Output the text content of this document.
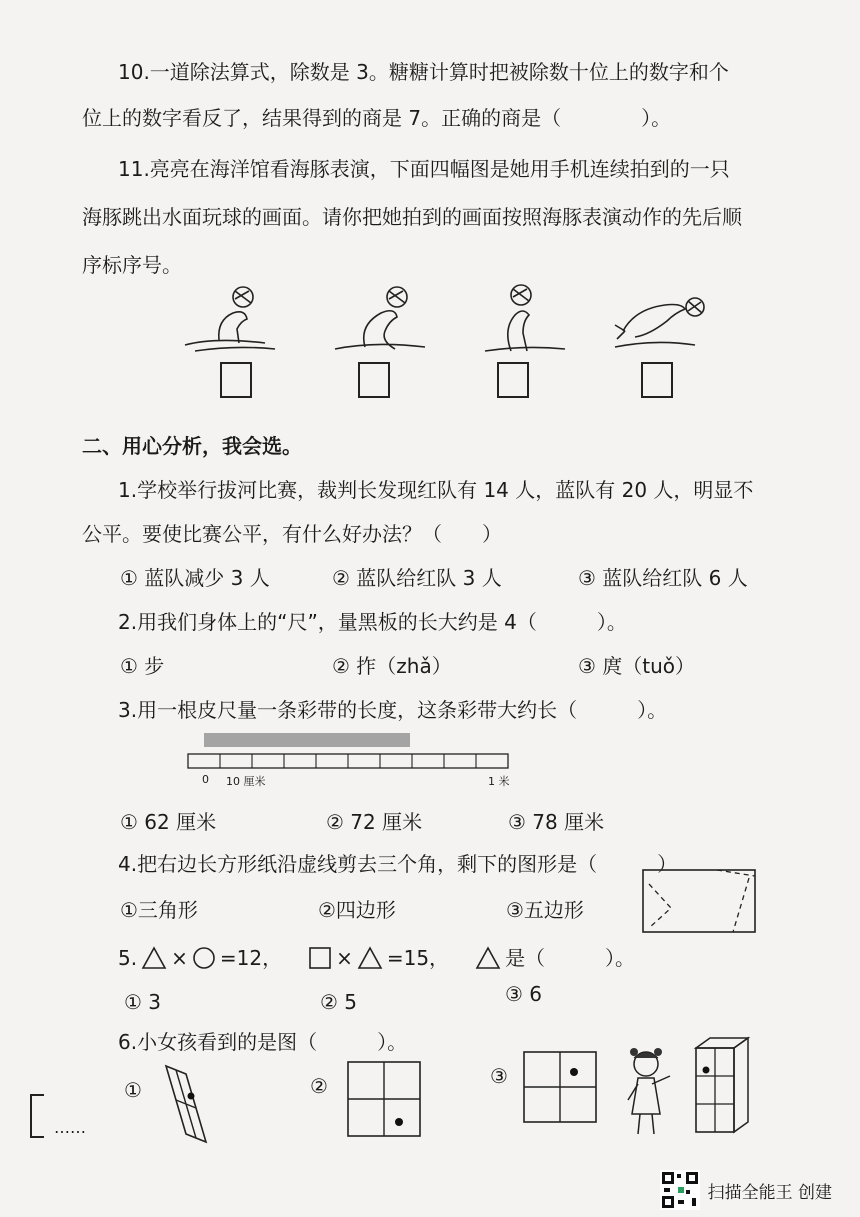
10.一道除法算式，除数是 3。糖糖计算时把被除数十位上的数字和个
位上的数字看反了，结果得到的商是 7。正确的商是（　　　　）。
11.亮亮在海洋馆看海豚表演，下面四幅图是她用手机连续拍到的一只
海豚跳出水面玩球的画面。请你把她拍到的画面按照海豚表演动作的先后顺
序标序号。
二、用心分析，我会选。
1.学校举行拔河比赛，裁判长发现红队有 14 人，蓝队有 20 人，明显不
公平。要使比赛公平，有什么好办法？（　　）
① 蓝队减少 3 人	② 蓝队给红队 3 人	③ 蓝队给红队 6 人
2.用我们身体上的“尺”，量黑板的长大约是 4（　　　）。
① 步	② 拃（zhǎ）	③ 庹（tuǒ）
3.用一根皮尺量一条彩带的长度，这条彩带大约长（　　　）。
0 10 厘米	1 米
① 62 厘米	② 72 厘米	③ 78 厘米
4.把右边长方形纸沿虚线剪去三个角，剩下的图形是（　　　）
①三角形	②四边形	③五边形
5. × =12，	× =15，	是（　　　）。
① 3	② 5	③ 6
6.小女孩看到的是图（　　　）。
①	②	③
……
扫描全能王 创建
